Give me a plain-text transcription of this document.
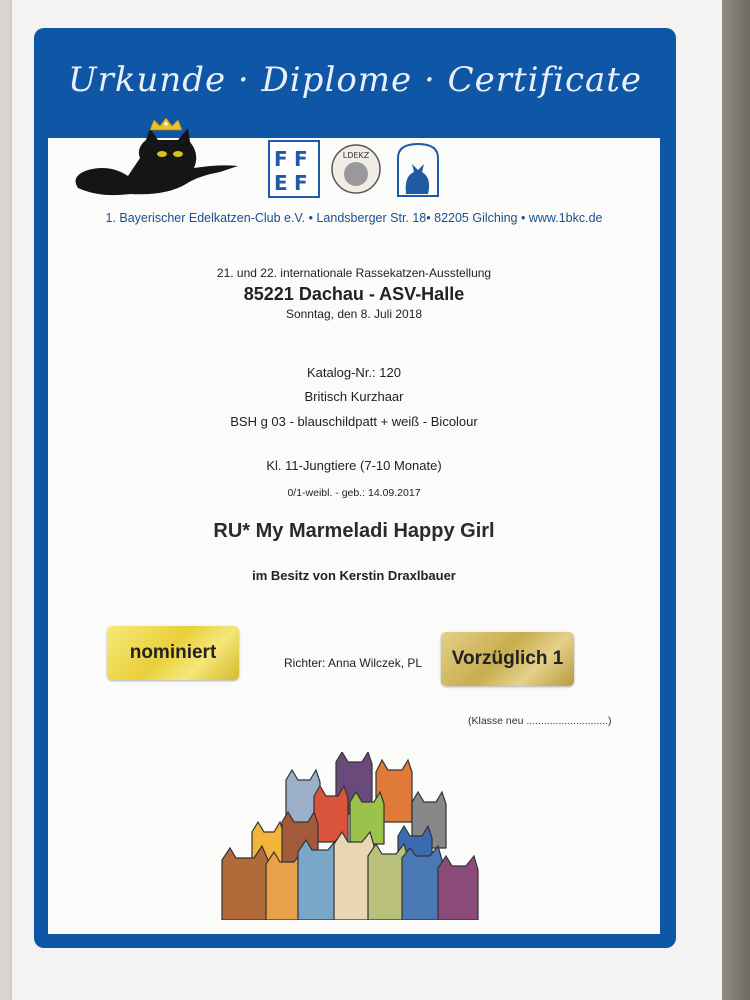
Urkunde · Diplome · Certificate
F F
E F
LDEKZ
1. Bayerischer Edelkatzen-Club e.V. • Landsberger Str. 18• 82205 Gilching • www.1bkc.de
21. und 22. internationale Rassekatzen-Ausstellung
85221 Dachau - ASV-Halle
Sonntag, den 8. Juli 2018
Katalog-Nr.: 120
Britisch Kurzhaar
BSH g 03 - blauschildpatt + weiß - Bicolour
Kl. 11-Jungtiere (7-10 Monate)
0/1-weibl. - geb.: 14.09.2017
RU* My Marmeladi Happy Girl
im Besitz von Kerstin Draxlbauer
nominiert	Richter: Anna Wilczek, PL	Vorzüglich 1
(Klasse neu ............................)
